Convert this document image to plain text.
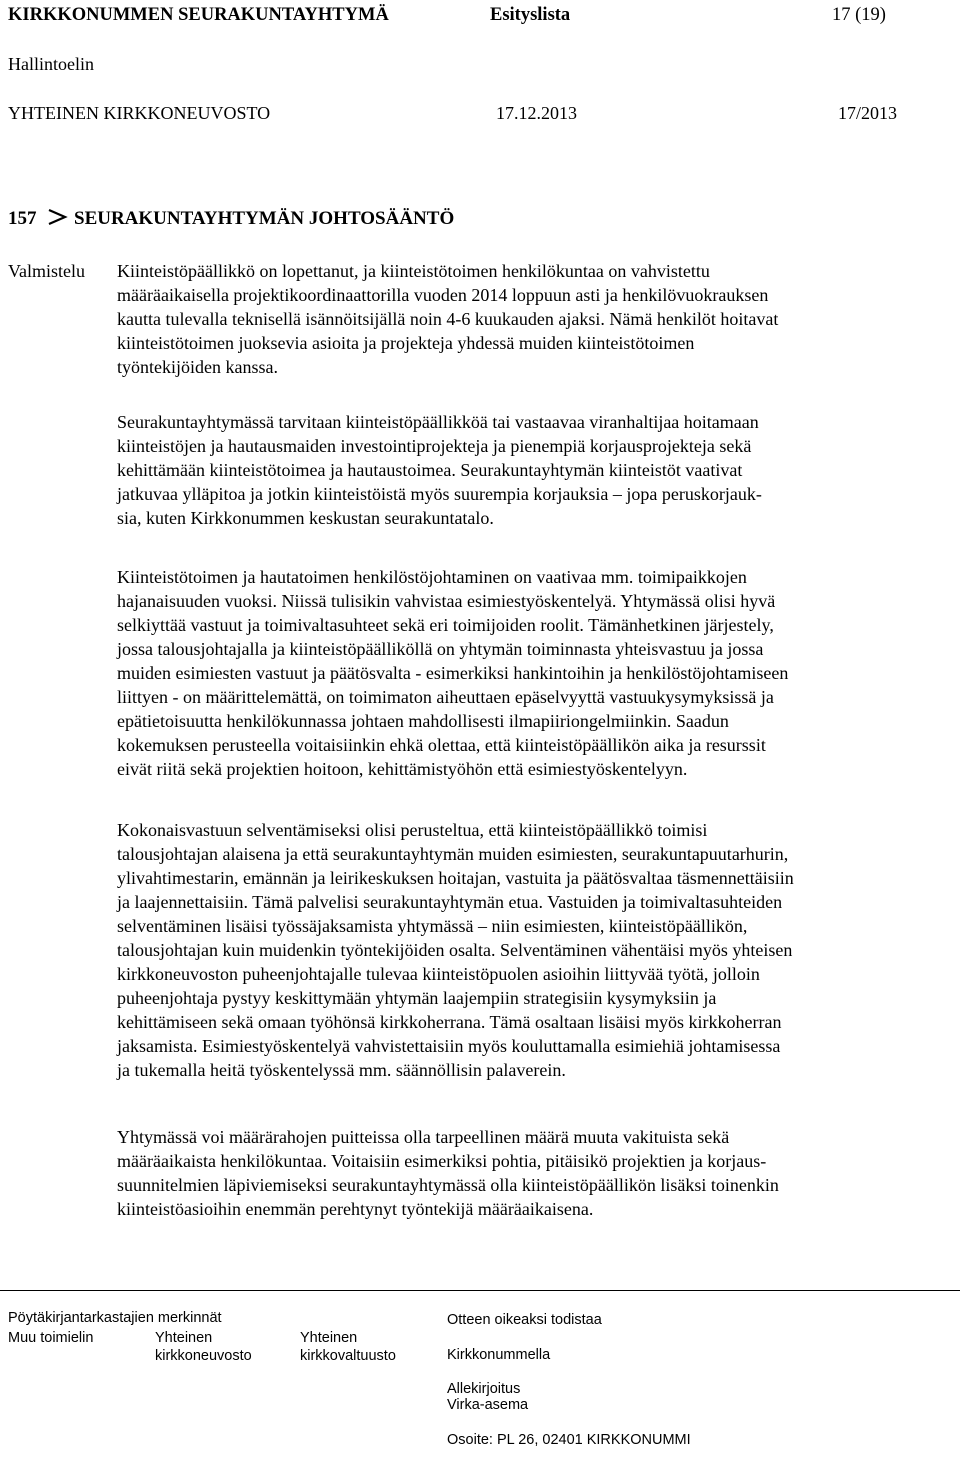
KIRKKONUMMEN SEURAKUNTAYHTYMÄ	Esityslista	17 (19)
Hallintoelin
YHTEINEN KIRKKONEUVOSTO	17.12.2013	17/2013
157 SEURAKUNTAYHTYMÄN JOHTOSÄÄNTÖ
Valmistelu Kiinteistöpäällikkö on lopettanut, ja kiinteistötoimen henkilökuntaa on vahvistettu
määräaikaisella projektikoordinaattorilla vuoden 2014 loppuun asti ja henkilövuokrauksen
kautta tulevalla teknisellä isännöitsijällä noin 4-6 kuukauden ajaksi. Nämä henkilöt hoitavat
kiinteistötoimen juoksevia asioita ja projekteja yhdessä muiden kiinteistötoimen
työntekijöiden kanssa.
Seurakuntayhtymässä tarvitaan kiinteistöpäällikköä tai vastaavaa viranhaltijaa hoitamaan
kiinteistöjen ja hautausmaiden investointiprojekteja ja pienempiä korjausprojekteja sekä
kehittämään kiinteistötoimea ja hautaustoimea. Seurakuntayhtymän kiinteistöt vaativat
jatkuvaa ylläpitoa ja jotkin kiinteistöistä myös suurempia korjauksia – jopa peruskorjauk-
sia, kuten Kirkkonummen keskustan seurakuntatalo.
Kiinteistötoimen ja hautatoimen henkilöstöjohtaminen on vaativaa mm. toimipaikkojen
hajanaisuuden vuoksi. Niissä tulisikin vahvistaa esimiestyöskentelyä. Yhtymässä olisi hyvä
selkiyttää vastuut ja toimivaltasuhteet sekä eri toimijoiden roolit. Tämänhetkinen järjestely,
jossa talousjohtajalla ja kiinteistöpäälliköllä on yhtymän toiminnasta yhteisvastuu ja jossa
muiden esimiesten vastuut ja päätösvalta - esimerkiksi hankintoihin ja henkilöstöjohtamiseen
liittyen - on määrittelemättä, on toimimaton aiheuttaen epäselvyyttä vastuukysymyksissä ja
epätietoisuutta henkilökunnassa johtaen mahdollisesti ilmapiiriongelmiinkin. Saadun
kokemuksen perusteella voitaisiinkin ehkä olettaa, että kiinteistöpäällikön aika ja resurssit
eivät riitä sekä projektien hoitoon, kehittämistyöhön että esimiestyöskentelyyn.
Kokonaisvastuun selventämiseksi olisi perusteltua, että kiinteistöpäällikkö toimisi
talousjohtajan alaisena ja että seurakuntayhtymän muiden esimiesten, seurakuntapuutarhurin,
ylivahtimestarin, emännän ja leirikeskuksen hoitajan, vastuita ja päätösvaltaa täsmennettäisiin
ja laajennettaisiin. Tämä palvelisi seurakuntayhtymän etua. Vastuiden ja toimivaltasuhteiden
selventäminen lisäisi työssäjaksamista yhtymässä – niin esimiesten, kiinteistöpäällikön,
talousjohtajan kuin muidenkin työntekijöiden osalta. Selventäminen vähentäisi myös yhteisen
kirkkoneuvoston puheenjohtajalle tulevaa kiinteistöpuolen asioihin liittyvää työtä, jolloin
puheenjohtaja pystyy keskittymään yhtymän laajempiin strategisiin kysymyksiin ja
kehittämiseen sekä omaan työhönsä kirkkoherrana. Tämä osaltaan lisäisi myös kirkkoherran
jaksamista. Esimiestyöskentelyä vahvistettaisiin myös kouluttamalla esimiehiä johtamisessa
ja tukemalla heitä työskentelyssä mm. säännöllisin palaverein.
Yhtymässä voi määrärahojen puitteissa olla tarpeellinen määrä muuta vakituista sekä
määräaikaista henkilökuntaa. Voitaisiin esimerkiksi pohtia, pitäisikö projektien ja korjaus-
suunnitelmien läpiviemiseksi seurakuntayhtymässä olla kiinteistöpäällikön lisäksi toinenkin
kiinteistöasioihin enemmän perehtynyt työntekijä määräaikaisena.
Pöytäkirjantarkastajien merkinnät
Muu toimielin	Yhteinen
kirkkoneuvosto
Yhteinen
kirkkovaltuusto
Otteen oikeaksi todistaa
Kirkkonummella
Allekirjoitus
Virka-asema
Osoite: PL 26, 02401 KIRKKONUMMI
